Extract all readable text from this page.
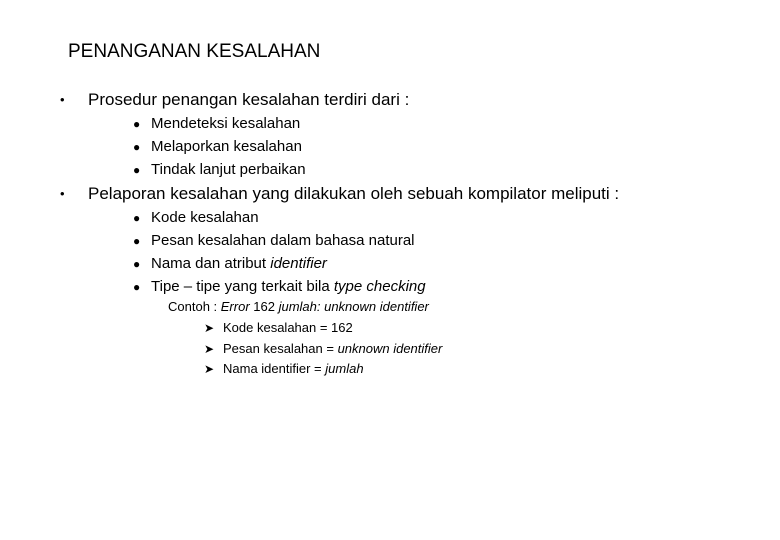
PENANGANAN KESALAHAN
• Prosedur penangan kesalahan terdiri dari :
● Mendeteksi kesalahan
● Melaporkan kesalahan
● Tindak lanjut perbaikan
• Pelaporan kesalahan yang dilakukan oleh sebuah kompilator meliputi :
● Kode kesalahan
● Pesan kesalahan dalam bahasa natural
● Nama dan atribut identifier
● Tipe – tipe yang terkait bila type checking
Contoh : Error 162 jumlah: unknown identifier
➤ Kode kesalahan = 162
➤ Pesan kesalahan = unknown identifier
➤ Nama identifier = jumlah
